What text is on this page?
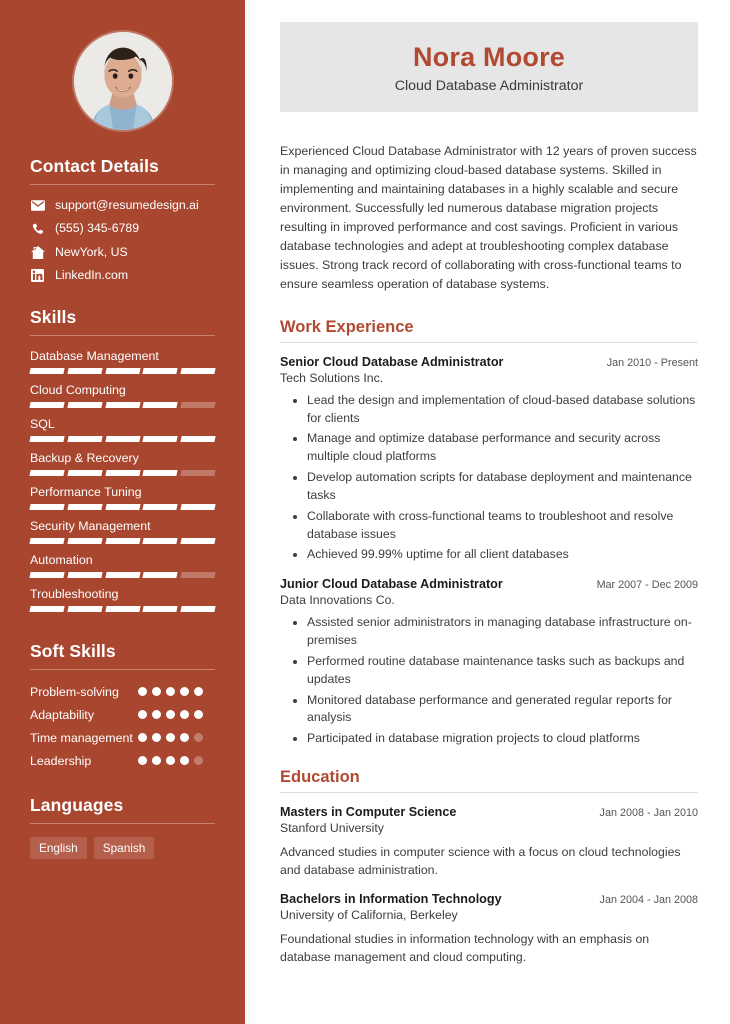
Contact Details
support@resumedesign.ai
(555) 345-6789
NewYork, US
LinkedIn.com
Skills
Database Management
Cloud Computing
SQL
Backup & Recovery
Performance Tuning
Security Management
Automation
Troubleshooting
Soft Skills
Problem-solving
Adaptability
Time management
Leadership
Languages
English	Spanish
Nora Moore
Cloud Database Administrator

Experienced Cloud Database Administrator with 12 years of proven success in managing and optimizing cloud-based database systems. Skilled in implementing and maintaining databases in a highly scalable and secure environment. Successfully led numerous database migration projects resulting in improved performance and cost savings. Proficient in various database technologies and adept at troubleshooting complex database issues. Strong track record of collaborating with cross-functional teams to ensure seamless operation of database systems.

Work Experience
Senior Cloud Database Administrator	Jan 2010 - Present
Tech Solutions Inc.
• Lead the design and implementation of cloud-based database solutions for clients
• Manage and optimize database performance and security across multiple cloud platforms
• Develop automation scripts for database deployment and maintenance tasks
• Collaborate with cross-functional teams to troubleshoot and resolve database issues
• Achieved 99.99% uptime for all client databases
Junior Cloud Database Administrator	Mar 2007 - Dec 2009
Data Innovations Co.
• Assisted senior administrators in managing database infrastructure on-premises
• Performed routine database maintenance tasks such as backups and updates
• Monitored database performance and generated regular reports for analysis
• Participated in database migration projects to cloud platforms
Education
Masters in Computer Science	Jan 2008 - Jan 2010
Stanford University
Advanced studies in computer science with a focus on cloud technologies and database administration.
Bachelors in Information Technology	Jan 2004 - Jan 2008
University of California, Berkeley
Foundational studies in information technology with an emphasis on database management and cloud computing.
